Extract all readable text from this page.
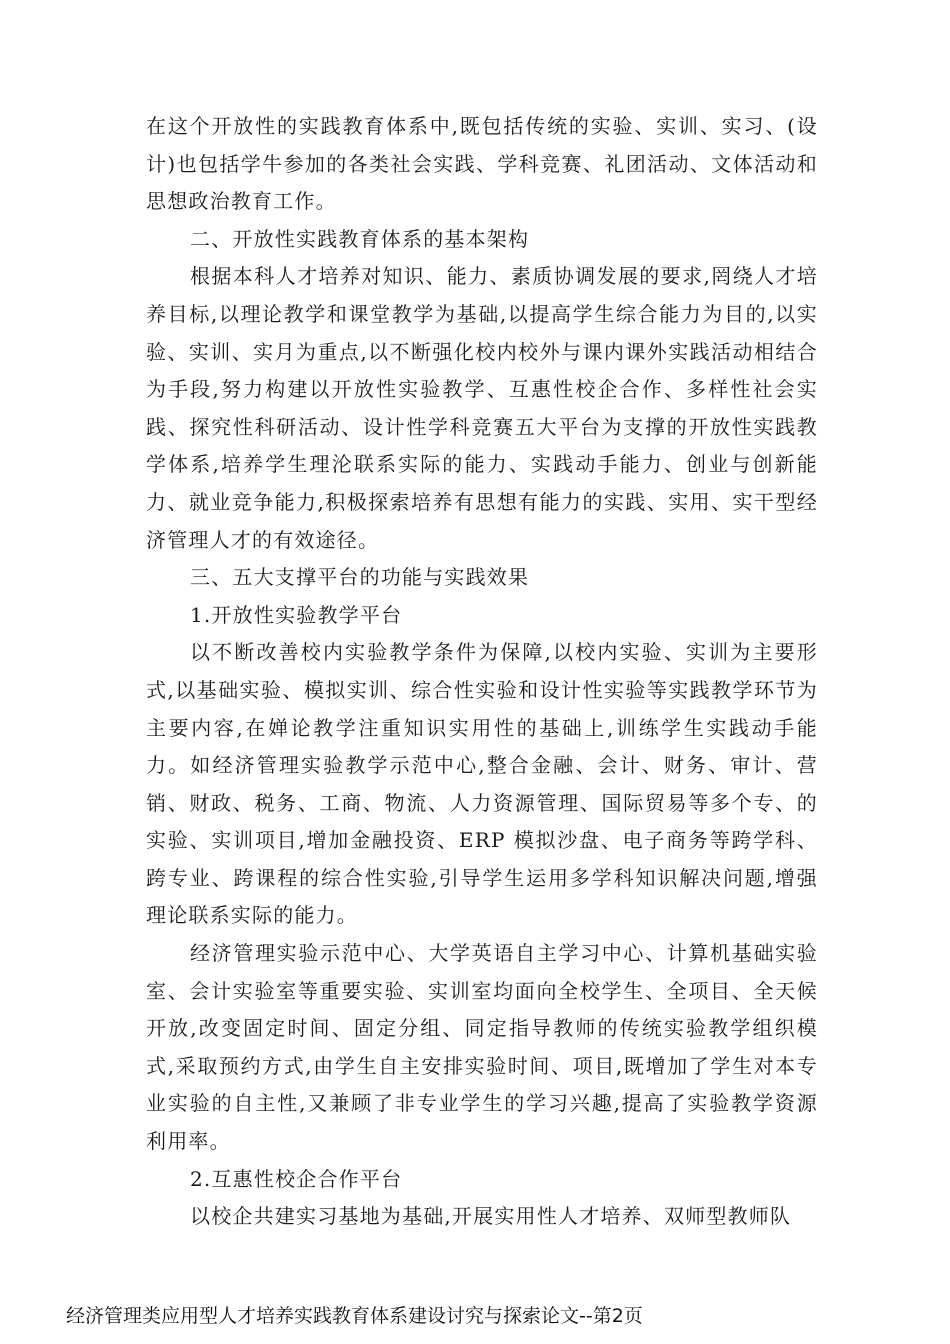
在这个开放性的实践教育体系中,既包括传统的实验、实训、实习、(设计)也包括学牛参加的各类社会实践、学科竞赛、礼团活动、文体活动和思想政治教育工作。

二、开放性实践教育体系的基本架构

根据本科人才培养对知识、能力、素质协调发展的要求,罔绕人才培养目标,以理论教学和课堂教学为基础,以提高学生综合能力为目的,以实验、实训、实月为重点,以不断强化校内校外与课内课外实践活动相结合为手段,努力构建以开放性实验教学、互惠性校企合作、多样性社会实践、探究性科研活动、设计性学科竞赛五大平台为支撑的开放性实践教学体系,培养学生理沦联系实际的能力、实践动手能力、创业与创新能力、就业竞争能力,积极探索培养有思想有能力的实践、实用、实干型经济管理人才的有效途径。

三、五大支撑平台的功能与实践效果

1.开放性实验教学平台

以不断改善校内实验教学条件为保障,以校内实验、实训为主要形式,以基础实验、模拟实训、综合性实验和设计性实验等实践教学环节为主要内容,在婵论教学注重知识实用性的基础上,训练学生实践动手能力。如经济管理实验教学示范中心,整合金融、会计、财务、审计、营销、财政、税务、工商、物流、人力资源管理、国际贸易等多个专、的实验、实训项目,增加金融投资、ERP 模拟沙盘、电子商务等跨学科、跨专业、跨课程的综合性实验,引导学生运用多学科知识解决问题,增强理论联系实际的能力。

经济管理实验示范中心、大学英语自主学习中心、计算机基础实验室、会计实验室等重要实验、实训室均面向全校学生、全项目、全天候开放,改变固定时间、固定分组、同定指导教师的传统实验教学组织模式,采取预约方式,由学生自主安排实验时间、项目,既增加了学生对本专业实验的自主性,又兼顾了非专业学生的学习兴趣,提高了实验教学资源利用率。

2.互惠性校企合作平台

以校企共建实习基地为基础,开展实用性人才培养、双师型教师队

经济管理类应用型人才培养实践教育体系建设讨究与探索论文--第2页
